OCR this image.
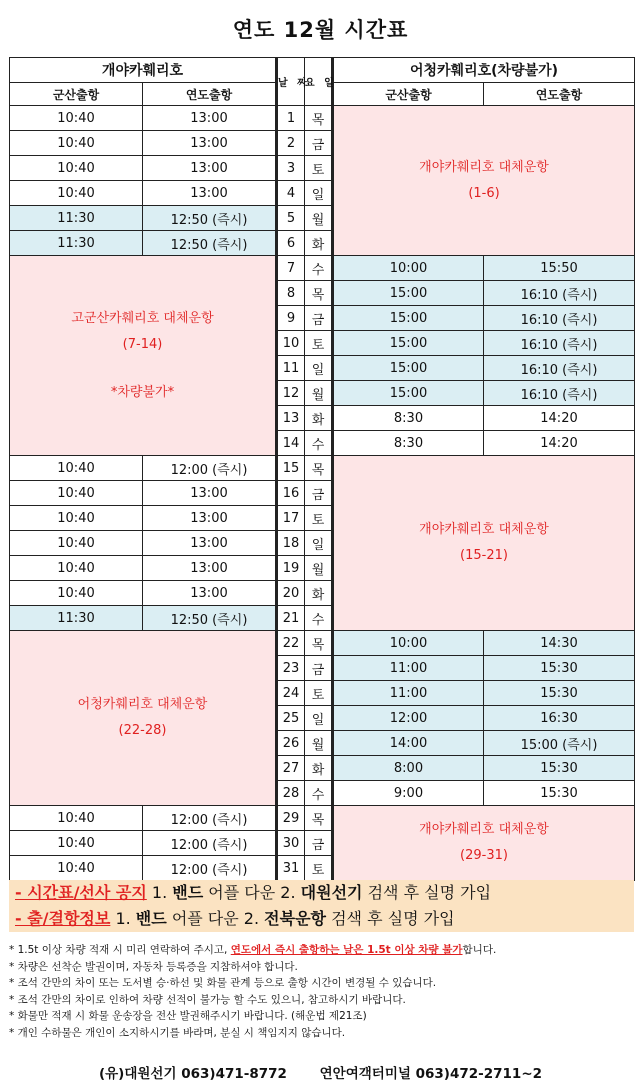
연도 12월 시간표
개야카훼리호		날 짜	요 일	어청카훼리호(차량불가)	
군산출항	연도출항			군산출항	연도출항
10:40	13:00	1	목	개야카훼리호 대체운항
(1-6)	

10:40	13:00	2	금		
10:40	13:00	3	토		
10:40	13:00	4	일		
11:30	12:50 (즉시)	5	월		
11:30	12:50 (즉시)	6	화		

고군산카훼리호 대체운항
(7-14)
*차량불가*		7	수	10:00	15:50
		8	목	15:00	16:10 (즉시)
		9	금	15:00	16:10 (즉시)
		10	토	15:00	16:10 (즉시)
		11	일	15:00	16:10 (즉시)
		12	월	15:00	16:10 (즉시)
		13	화	8:30	14:20
		14	수	8:30	14:20
10:40	12:00 (즉시)	15	목	개야카훼리호 대체운항
(15-21)	

10:40	13:00	16	금		
10:40	13:00	17	토		
10:40	13:00	18	일		
10:40	13:00	19	월		
10:40	13:00	20	화		
11:30	12:50 (즉시)	21	수		

어청카훼리호 대체운항
(22-28)		22	목	10:00	14:30
		23	금	11:00	15:30
		24	토	11:00	15:30
		25	일	12:00	16:30
		26	월	14:00	15:00 (즉시)
		27	화	8:00	15:30
		28	수	9:00	15:30
10:40	12:00 (즉시)	29	목	개야카훼리호 대체운항
(29-31)	

10:40	12:00 (즉시)	30	금		
10:40	12:00 (즉시)	31	토		
- 시간표/선사 공지 1. 밴드 어플 다운 2. 대원선기 검색 후 실명 가입
- 출/결항정보 1. 밴드 어플 다운 2. 전북운항 검색 후 실명 가입
* 1.5t 이상 차량 적재 시 미리 연락하여 주시고, 연도에서 즉시 출항하는 날은 1.5t 이상 차량 불가합니다.
* 차량은 선착순 발권이며, 자동차 등록증을 지참하셔야 합니다.
* 조석 간만의 차이 또는 도서별 승·하선 및 화물 관계 등으로 출항 시간이 변경될 수 있습니다.
* 조석 간만의 차이로 인하여 차량 선적이 불가능 할 수도 있으니, 참고하시기 바랍니다.
* 화물만 적재 시 화물 운송장을 전산 발권해주시기 바랍니다. (해운법 제21조)
* 개인 수하물은 개인이 소지하시기를 바라며, 분실 시 책임지지 않습니다.
(유)대원선기 063)471-8772 연안여객터미널 063)472-2711~2
